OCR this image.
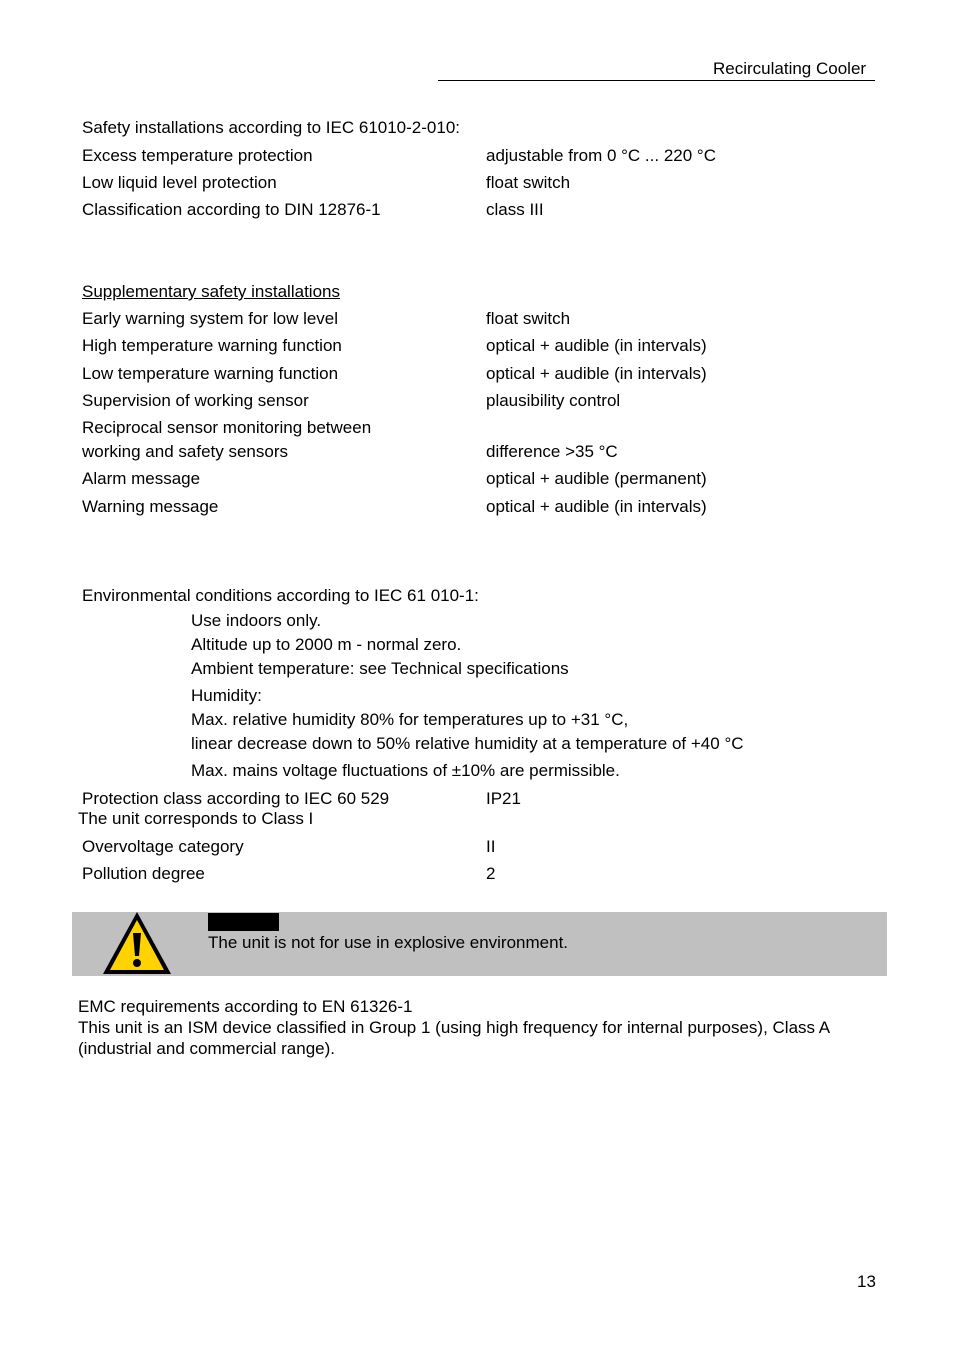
Recirculating Cooler
Safety installations according to IEC 61010-2-010:
Excess temperature protection	adjustable from 0 °C ... 220 °C
Low liquid level protection	float switch
Classification according to DIN 12876-1	class III
Supplementary safety installations
Early warning system for low level	float switch
High temperature warning function	optical + audible (in intervals)
Low temperature warning function	optical + audible (in intervals)
Supervision of working sensor	plausibility control
Reciprocal sensor monitoring between
working and safety sensors	difference >35 °C
Alarm message	optical + audible (permanent)
Warning message	optical + audible (in intervals)
Environmental conditions according to IEC 61 010-1:
Use indoors only.
Altitude up to 2000 m - normal zero.
Ambient temperature: see Technical specifications
Humidity:
Max. relative humidity 80% for temperatures up to +31 °C,
linear decrease down to 50% relative humidity at a temperature of +40 °C
Max. mains voltage fluctuations of ±10% are permissible.
Protection class according to IEC 60 529	IP21
The unit corresponds to Class I
Overvoltage category	II
Pollution degree	2
The unit is not for use in explosive environment.
EMC requirements according to EN 61326-1
This unit is an ISM device classified in Group 1 (using high frequency for internal purposes), Class A
(industrial and commercial range).
13
